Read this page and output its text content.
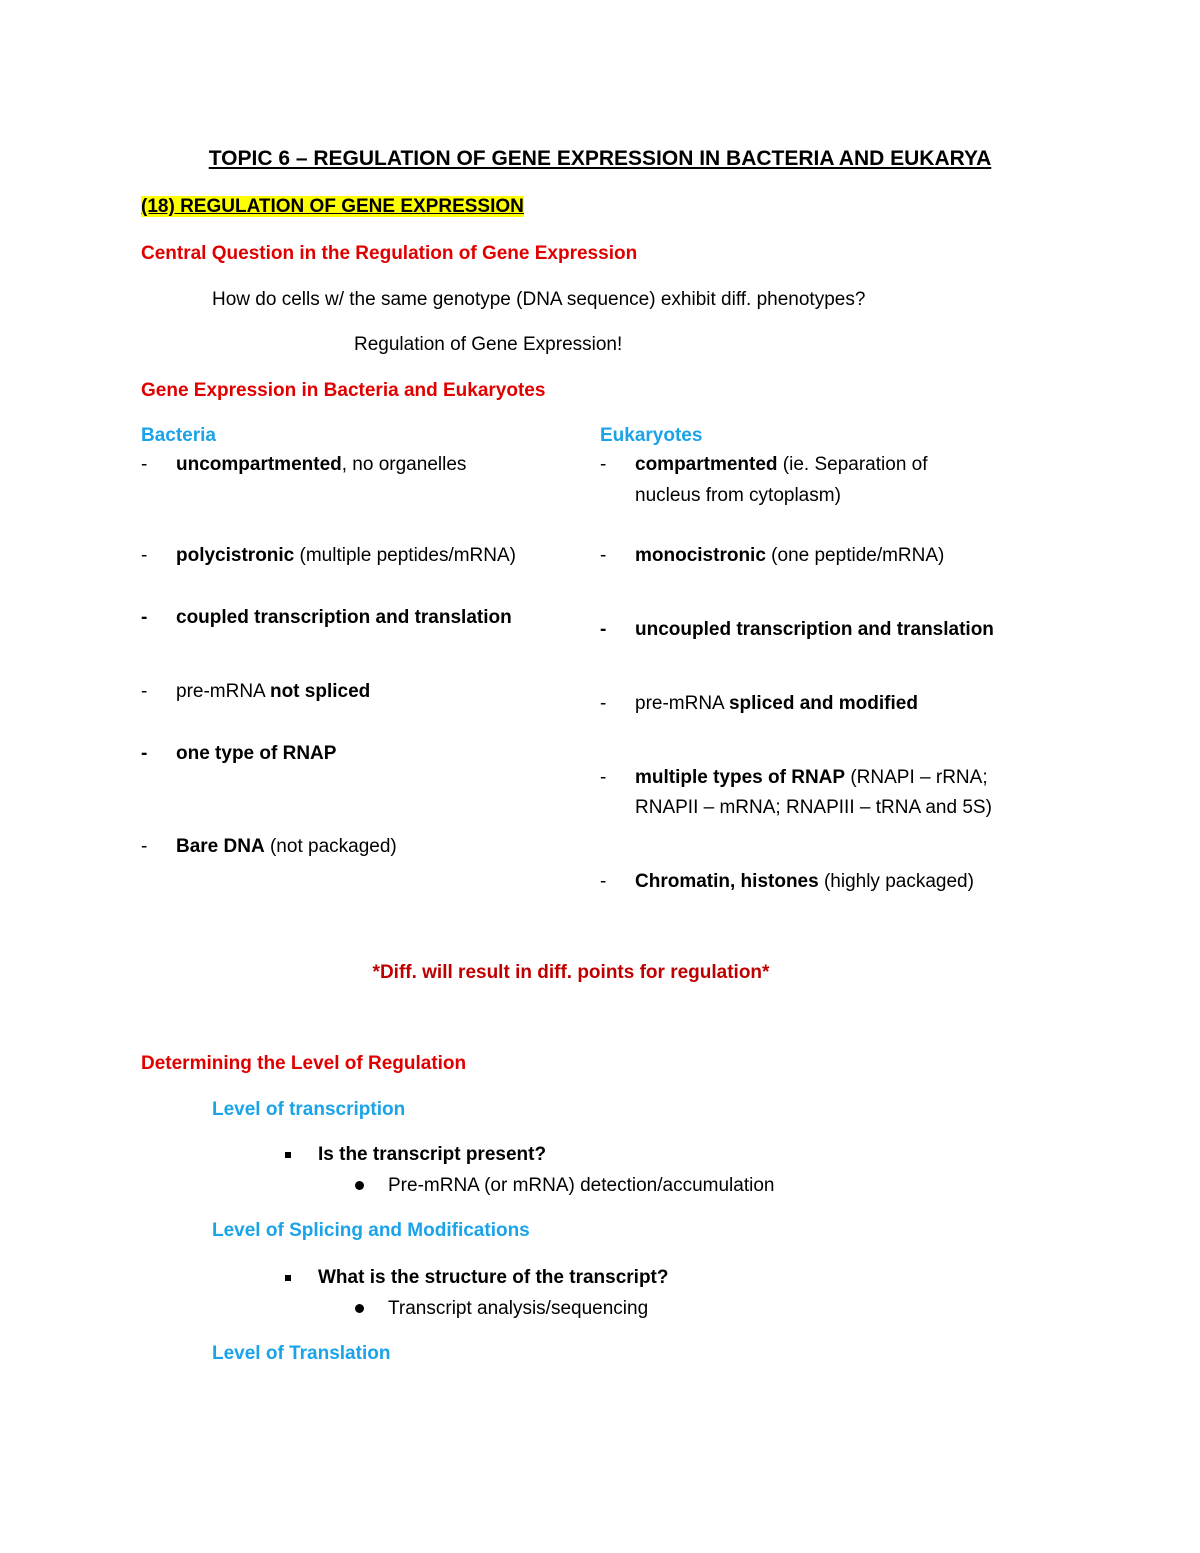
TOPIC 6 – REGULATION OF GENE EXPRESSION IN BACTERIA AND EUKARYA
(18) REGULATION OF GENE EXPRESSION
Central Question in the Regulation of Gene Expression
How do cells w/ the same genotype (DNA sequence) exhibit diff. phenotypes?
Regulation of Gene Expression!
Gene Expression in Bacteria and Eukaryotes
Bacteria
- uncompartmented, no organelles
- polycistronic (multiple peptides/mRNA)
- coupled transcription and translation
- pre-mRNA not spliced
- one type of RNAP
- Bare DNA (not packaged)
Eukaryotes
- compartmented (ie. Separation of
nucleus from cytoplasm)
- monocistronic (one peptide/mRNA)
- uncoupled transcription and translation
- pre-mRNA spliced and modified
- multiple types of RNAP (RNAPI – rRNA;
RNAPII – mRNA; RNAPIII – tRNA and 5S)
- Chromatin, histones (highly packaged)
*Diff. will result in diff. points for regulation*
Determining the Level of Regulation
Level of transcription
Is the transcript present?
Pre-mRNA (or mRNA) detection/accumulation
Level of Splicing and Modifications
What is the structure of the transcript?
Transcript analysis/sequencing
Level of Translation
